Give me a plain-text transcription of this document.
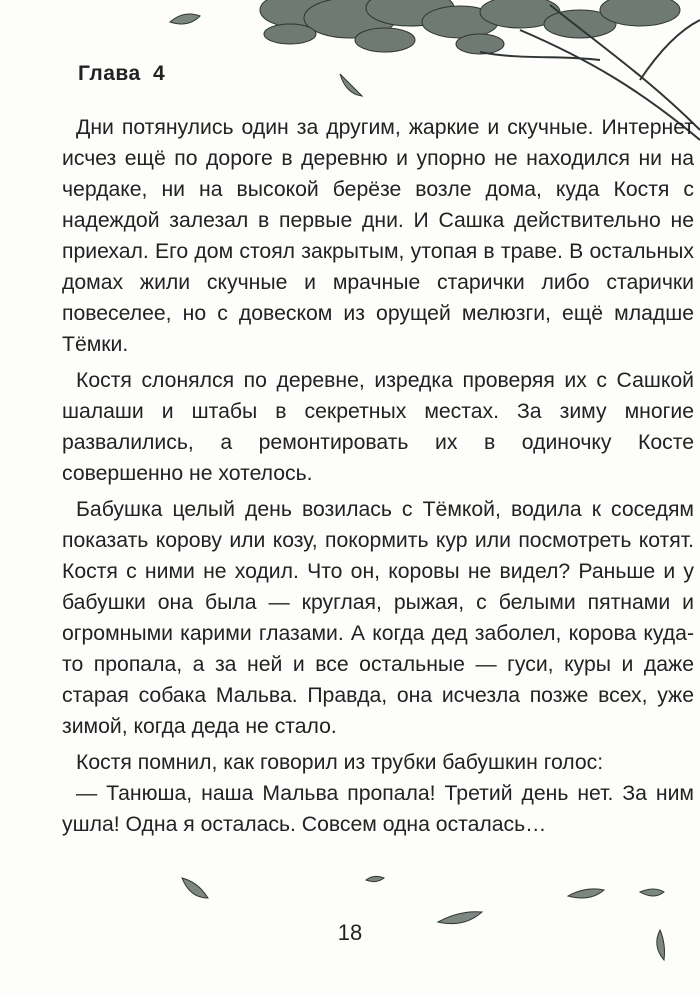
Глава 4

Дни потянулись один за другим, жаркие и скучные. Интернет исчез ещё по дороге в деревню и упорно не находился ни на чердаке, ни на высокой берёзе возле дома, куда Костя с надеждой залезал в первые дни. И Сашка действительно не приехал. Его дом стоял закрытым, утопая в траве. В остальных домах жили скучные и мрачные старички либо старички повеселее, но с довеском из орущей мелюзги, ещё младше Тёмки.

Костя слонялся по деревне, изредка проверяя их с Сашкой шалаши и штабы в секретных местах. За зиму многие развалились, а ремонтировать их в одиночку Косте совершенно не хотелось.

Бабушка целый день возилась с Тёмкой, водила к соседям показать корову или козу, покормить кур или посмотреть котят. Костя с ними не ходил. Что он, коровы не видел? Раньше и у бабушки она была — круглая, рыжая, с белыми пятнами и огромными карими глазами. А когда дед заболел, корова куда-то пропала, а за ней и все остальные — гуси, куры и даже старая собака Мальва. Правда, она исчезла позже всех, уже зимой, когда деда не стало.

Костя помнил, как говорил из трубки бабушкин голос:

— Танюша, наша Мальва пропала! Третий день нет. За ним ушла! Одна я осталась. Совсем одна осталась…

18
